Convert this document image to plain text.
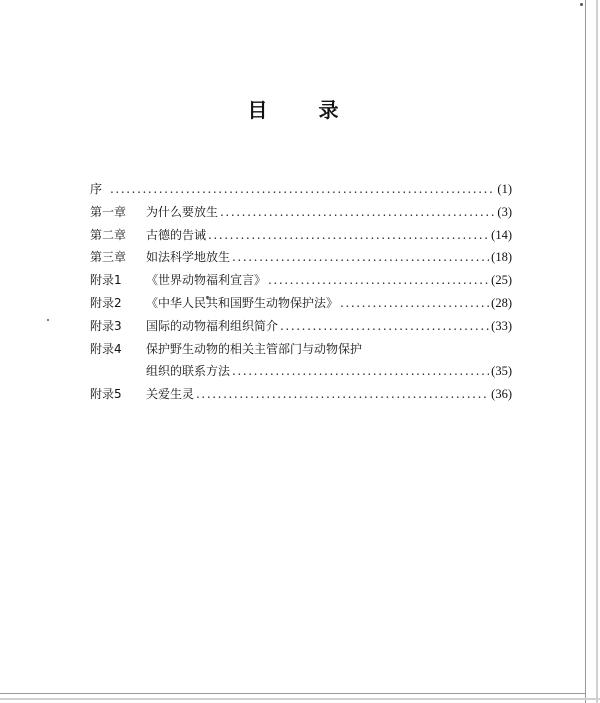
目 录
序 .....	(1)
第一章	为什么要放生 .....	(3)
第二章	古德的告诫 .....	(14)
第三章	如法科学地放生 .....	(18)
附录1	《世界动物福利宣言》 .....	(25)
附录2	《中华人民共和国野生动物保护法》 .....	(28)
附录3	国际的动物福利组织简介 .....	(33)
附录4	保护野生动物的相关主管部门与动物保护
组织的联系方法 .....	(35)
附录5	关爱生灵 .....	(36)
